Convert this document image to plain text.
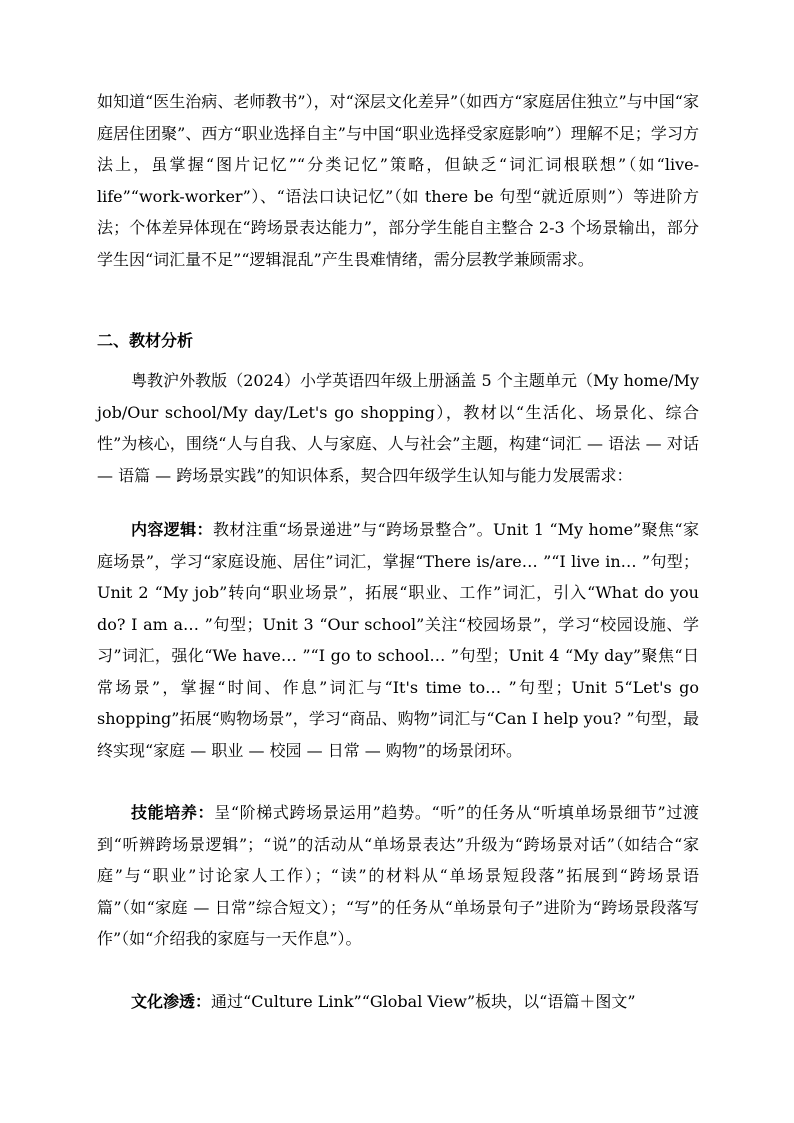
如知道“医生治病、老师教书”），对“深层文化差异”（如西方“家庭居住独立”与中国“家庭居住团聚”、西方“职业选择自主”与中国“职业选择受家庭影响”）理解不足；学习方法上，虽掌握“图片记忆”“分类记忆”策略，但缺乏“词汇词根联想”（如“live-life”“work-worker”）、“语法口诀记忆”（如 there be 句型“就近原则”）等进阶方法；个体差异体现在“跨场景表达能力”，部分学生能自主整合 2-3 个场景输出，部分学生因“词汇量不足”“逻辑混乱”产生畏难情绪，需分层教学兼顾需求。

二、教材分析

粤教沪外教版（2024）小学英语四年级上册涵盖 5 个主题单元（My home/My job/Our school/My day/Let's go shopping），教材以“生活化、场景化、综合性”为核心，围绕“人与自我、人与家庭、人与社会”主题，构建“词汇 — 语法 — 对话 — 语篇 — 跨场景实践”的知识体系，契合四年级学生认知与能力发展需求：

内容逻辑：教材注重“场景递进”与“跨场景整合”。Unit 1 “My home”聚焦“家庭场景”，学习“家庭设施、居住”词汇，掌握“There is/are… ”“I live in… ”句型；Unit 2 “My job”转向“职业场景”，拓展“职业、工作”词汇，引入“What do you do? I am a… ”句型；Unit 3 “Our school”关注“校园场景”，学习“校园设施、学习”词汇，强化“We have… ”“I go to school… ”句型；Unit 4 “My day”聚焦“日常场景”，掌握“时间、作息”词汇与“It's time to… ”句型；Unit 5“Let's go shopping”拓展“购物场景”，学习“商品、购物”词汇与“Can I help you? ”句型，最终实现“家庭 — 职业 — 校园 — 日常 — 购物”的场景闭环。

技能培养：呈“阶梯式跨场景运用”趋势。“听”的任务从“听填单场景细节”过渡到“听辨跨场景逻辑”；“说”的活动从“单场景表达”升级为“跨场景对话”（如结合“家庭”与“职业”讨论家人工作）；“读”的材料从“单场景短段落”拓展到“跨场景语篇”（如“家庭 — 日常”综合短文）；“写”的任务从“单场景句子”进阶为“跨场景段落写作”（如“介绍我的家庭与一天作息”）。

文化渗透：通过“Culture Link”“Global View”板块，以“语篇＋图文”
